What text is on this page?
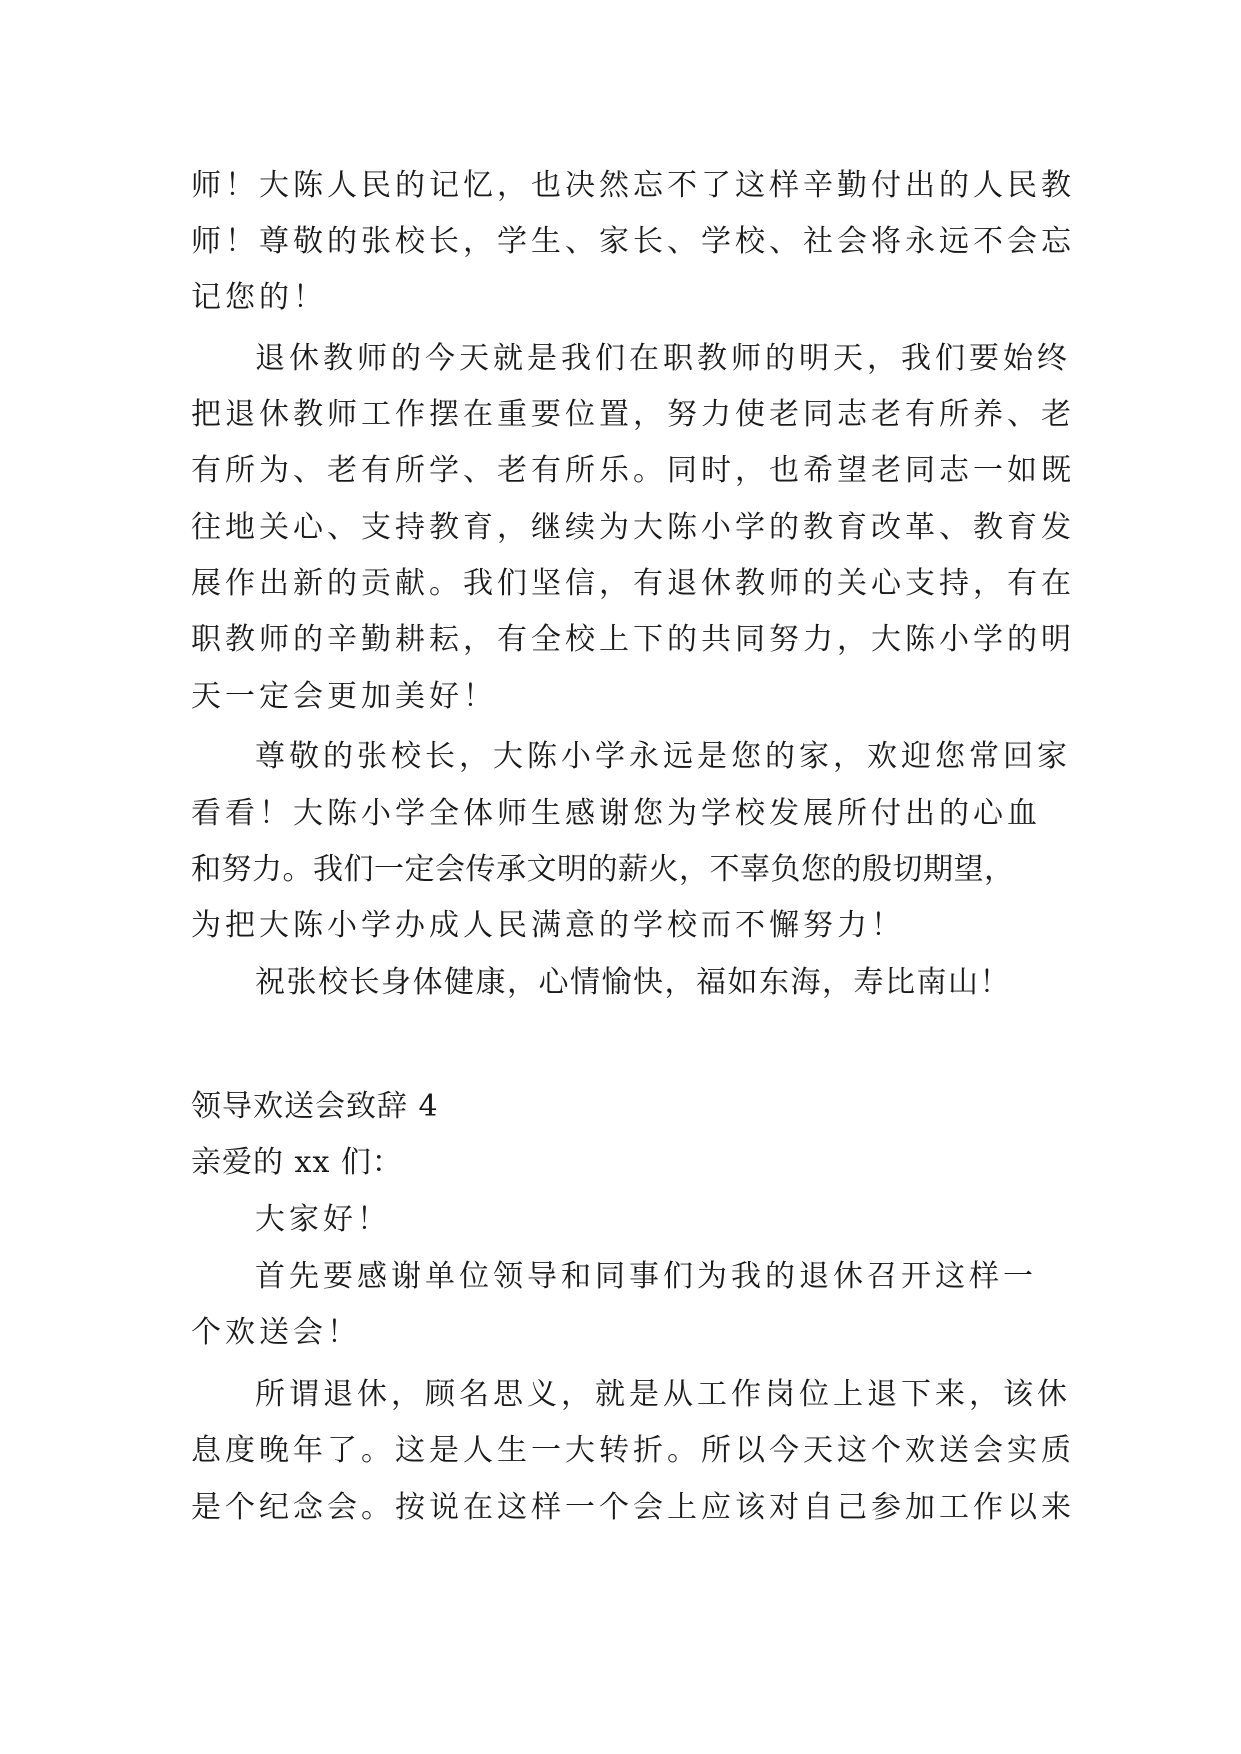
师！大陈人民的记忆，也决然忘不了这样辛勤付出的人民教
师！尊敬的张校长，学生、家长、学校、社会将永远不会忘
记您的！
退休教师的今天就是我们在职教师的明天，我们要始终
把退休教师工作摆在重要位置，努力使老同志老有所养、老
有所为、老有所学、老有所乐。同时，也希望老同志一如既
往地关心、支持教育，继续为大陈小学的教育改革、教育发
展作出新的贡献。我们坚信，有退休教师的关心支持，有在
职教师的辛勤耕耘，有全校上下的共同努力，大陈小学的明
天一定会更加美好！
尊敬的张校长，大陈小学永远是您的家，欢迎您常回家
看看！大陈小学全体师生感谢您为学校发展所付出的心血
和努力。我们一定会传承文明的薪火，不辜负您的殷切期望，
为把大陈小学办成人民满意的学校而不懈努力！
祝张校长身体健康，心情愉快，福如东海，寿比南山！
领导欢送会致辞 4
亲爱的 xx 们：
大家好！
首先要感谢单位领导和同事们为我的退休召开这样一
个欢送会！
所谓退休，顾名思义，就是从工作岗位上退下来，该休
息度晚年了。这是人生一大转折。所以今天这个欢送会实质
是个纪念会。按说在这样一个会上应该对自己参加工作以来
